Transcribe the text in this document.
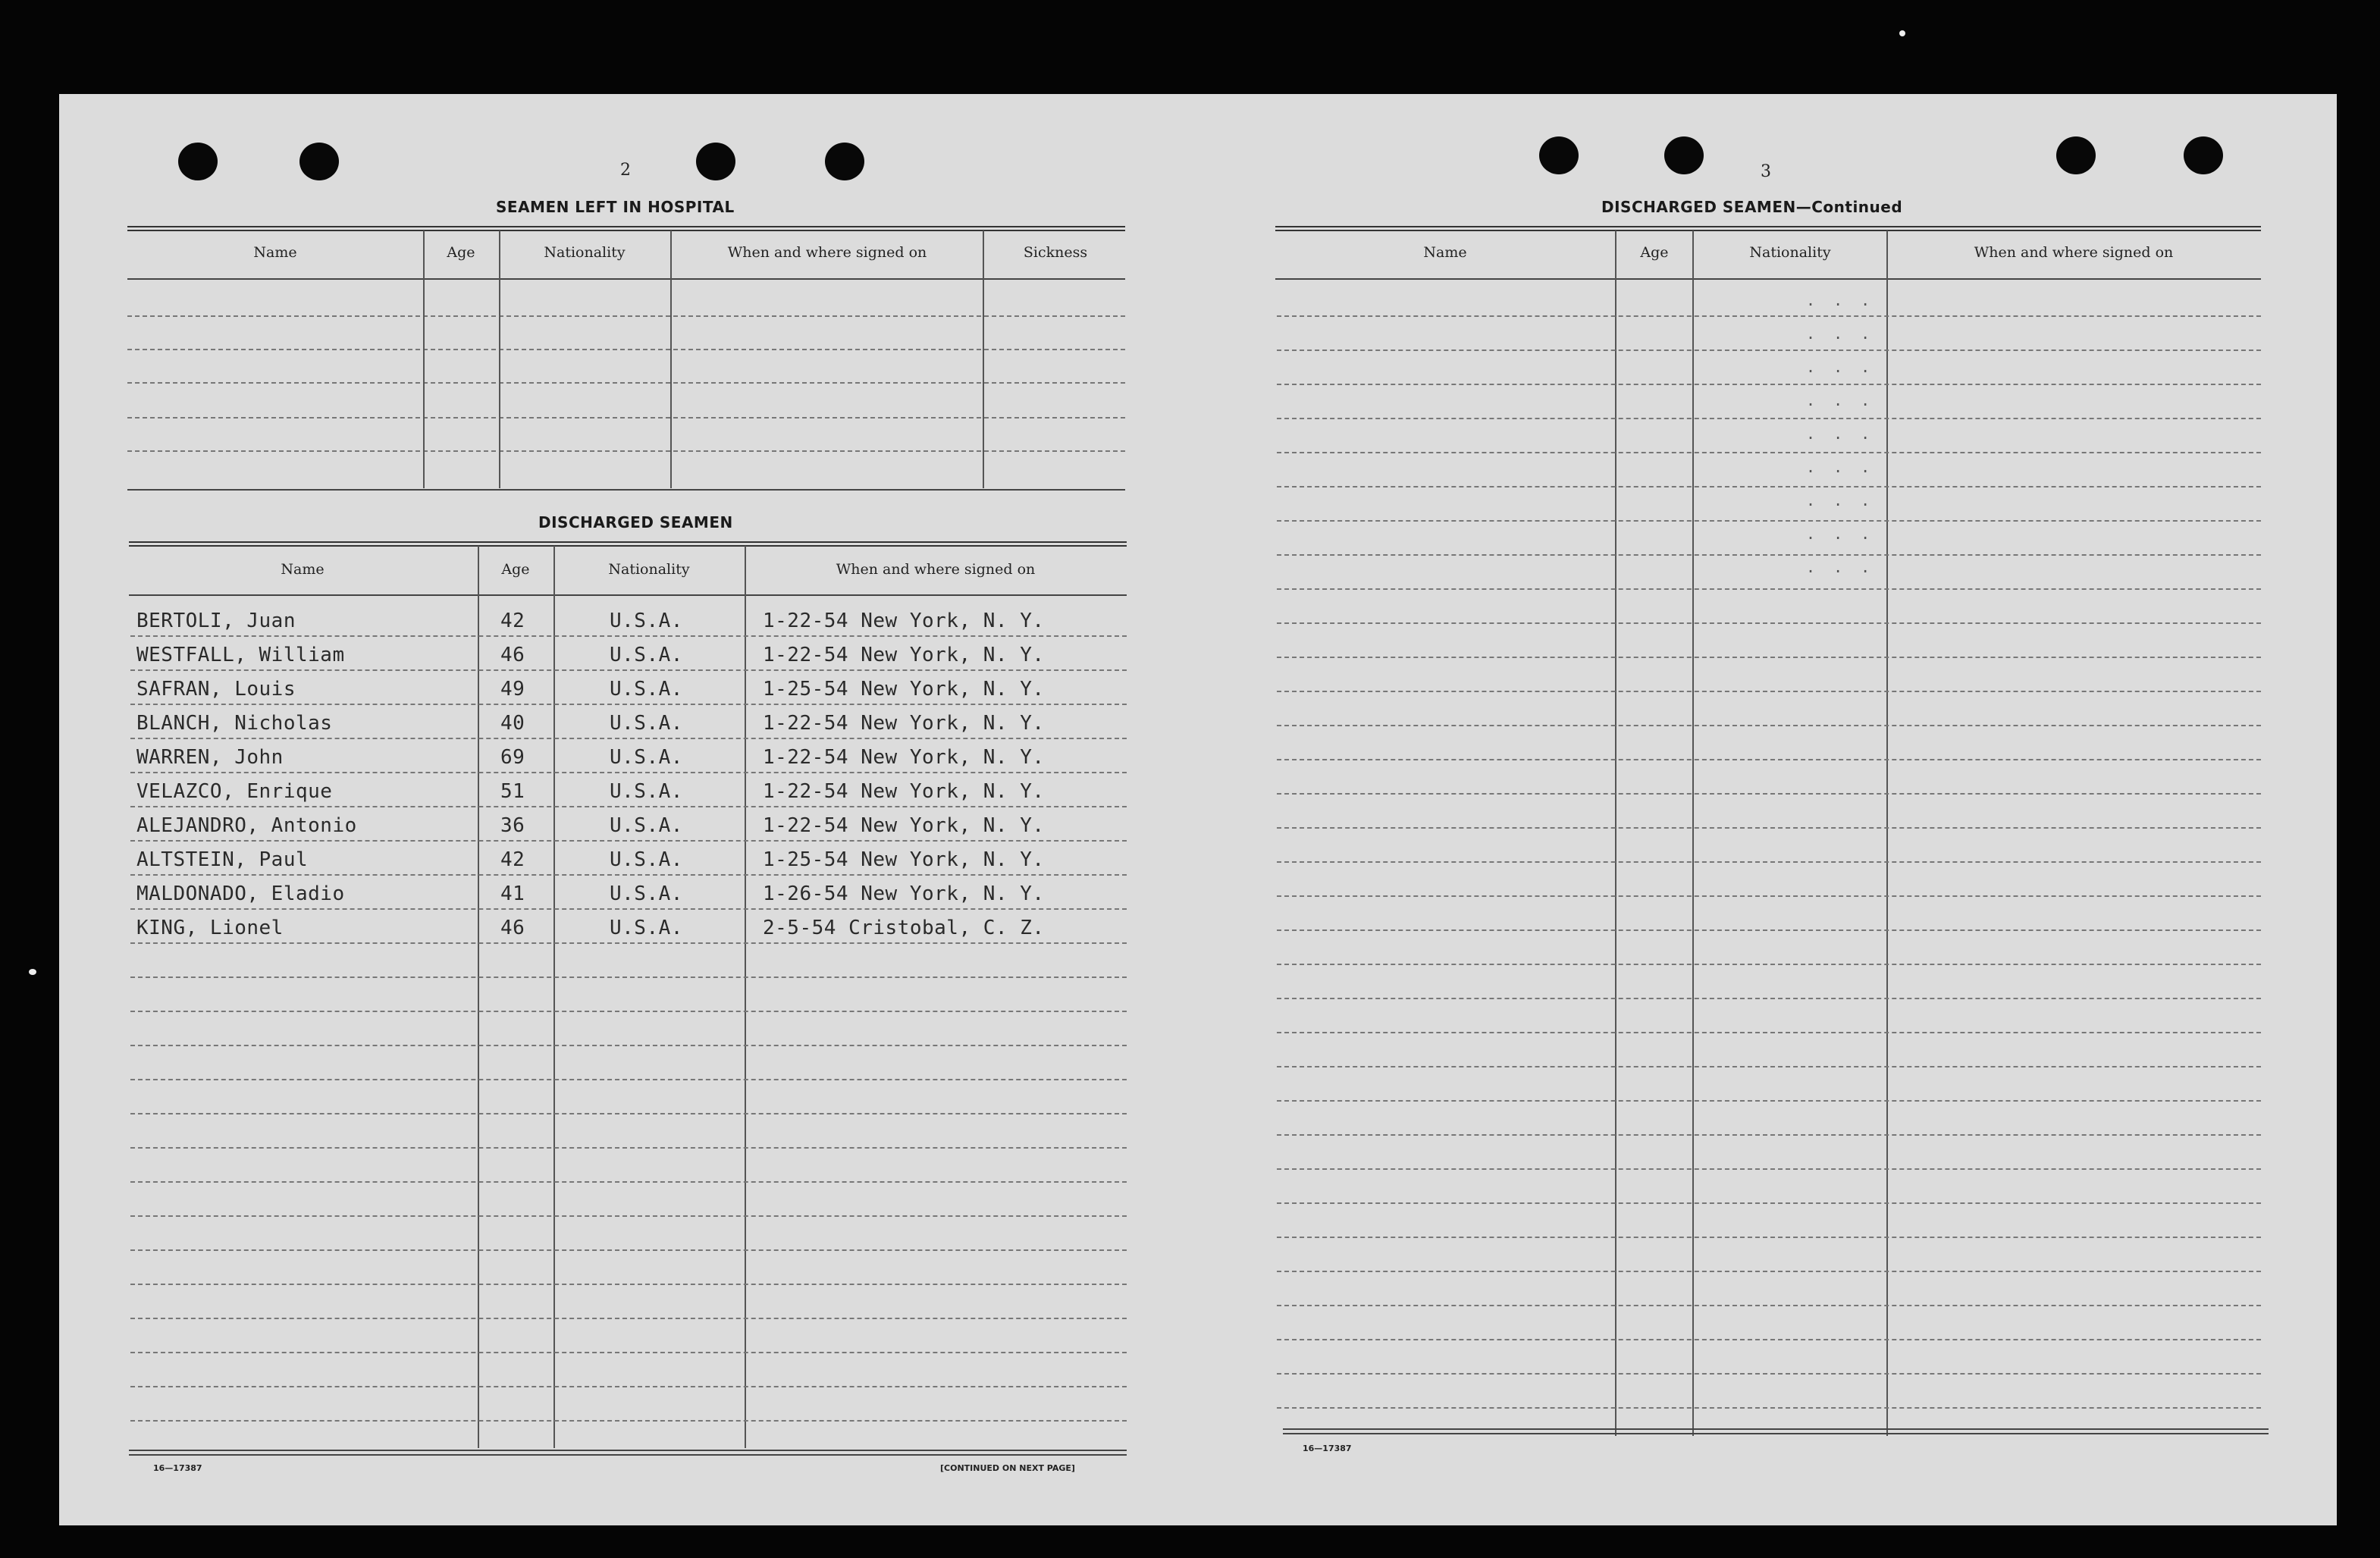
2
SEAMEN LEFT IN HOSPITAL
Name	Age	Nationality	When and where signed on	Sickness
DISCHARGED SEAMEN
Name	Age	Nationality	When and where signed on
BERTOLI, Juan	42	U.S.A.	1-22-54 New York, N. Y.
WESTFALL, William	46	U.S.A.	1-22-54 New York, N. Y.
SAFRAN, Louis	49	U.S.A.	1-25-54 New York, N. Y.
BLANCH, Nicholas	40	U.S.A.	1-22-54 New York, N. Y.
WARREN, John	69	U.S.A.	1-22-54 New York, N. Y.
VELAZCO, Enrique	51	U.S.A.	1-22-54 New York, N. Y.
ALEJANDRO, Antonio	36	U.S.A.	1-22-54 New York, N. Y.
ALTSTEIN, Paul	42	U.S.A.	1-25-54 New York, N. Y.
MALDONADO, Eladio	41	U.S.A.	1-26-54 New York, N. Y.
KING, Lionel	46	U.S.A.	2-5-54 Cristobal, C. Z.
16—17387	[CONTINUED ON NEXT PAGE]
3
DISCHARGED SEAMEN—Continued
Name	Age	Nationality	When and where signed on
. . .
. . .
. . .
. . .
. . .
. . .
. . .
. . .
. . .
16—17387
